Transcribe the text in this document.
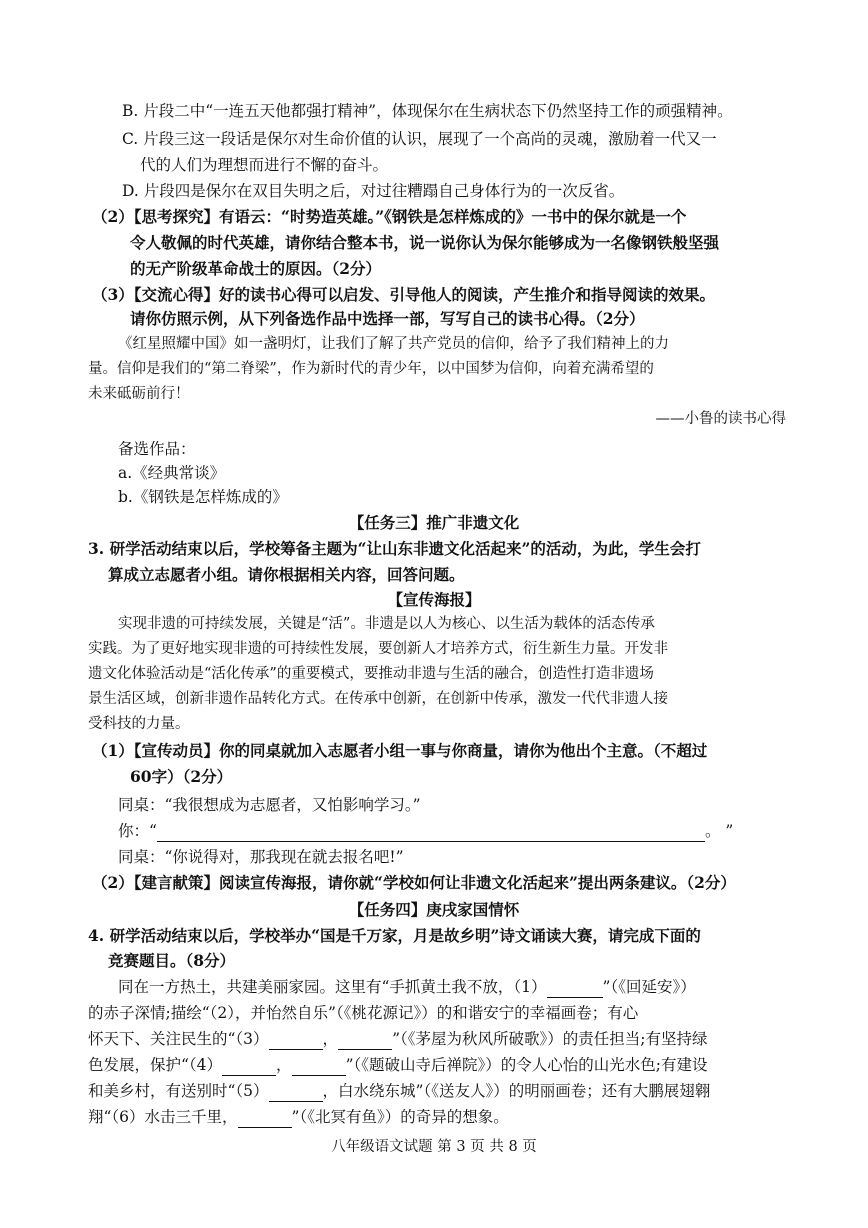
B. 片段二中“一连五天他都强打精神”，体现保尔在生病状态下仍然坚持工作的顽强精神。
C. 片段三这一段话是保尔对生命价值的认识，展现了一个高尚的灵魂，激励着一代又一
代的人们为理想而进行不懈的奋斗。
D. 片段四是保尔在双目失明之后，对过往糟蹋自己身体行为的一次反省。
（2）【思考探究】有语云：“时势造英雄。”《钢铁是怎样炼成的》一书中的保尔就是一个
令人敬佩的时代英雄，请你结合整本书，说一说你认为保尔能够成为一名像钢铁般坚强
的无产阶级革命战士的原因。（2分）
（3）【交流心得】好的读书心得可以启发、引导他人的阅读，产生推介和指导阅读的效果。
请你仿照示例，从下列备选作品中选择一部，写写自己的读书心得。（2分）
《红星照耀中国》如一盏明灯，让我们了解了共产党员的信仰，给予了我们精神上的力
量。信仰是我们的“第二脊梁”，作为新时代的青少年，以中国梦为信仰，向着充满希望的
未来砥砺前行！
——小鲁的读书心得
备选作品：
a.《经典常谈》
b.《钢铁是怎样炼成的》
【任务三】推广非遗文化
3. 研学活动结束以后，学校筹备主题为“让山东非遗文化活起来”的活动，为此，学生会打
算成立志愿者小组。请你根据相关内容，回答问题。
【宣传海报】
实现非遗的可持续发展，关键是“活”。非遗是以人为核心、以生活为载体的活态传承
实践。为了更好地实现非遗的可持续性发展，要创新人才培养方式，衍生新生力量。开发非
遗文化体验活动是“活化传承”的重要模式，要推动非遗与生活的融合，创造性打造非遗场
景生活区域，创新非遗作品转化方式。在传承中创新，在创新中传承，激发一代代非遗人接
受科技的力量。
（1）【宣传动员】你的同桌就加入志愿者小组一事与你商量，请你为他出个主意。（不超过
60字）（2分）
同桌：“我很想成为志愿者，又怕影响学习。”
你：“	。 ”
同桌：“你说得对，那我现在就去报名吧!”
（2）【建言献策】阅读宣传海报，请你就“学校如何让非遗文化活起来”提出两条建议。（2分）
【任务四】庚戌家国情怀
4. 研学活动结束以后，学校举办“国是千万家，月是故乡明”诗文诵读大赛，请完成下面的
竞赛题目。（8分）
同在一方热土，共建美丽家园。这里有“手抓黄土我不放，（1）	”（《回延安》）
的赤子深情;描绘“（2），并怡然自乐”（《桃花源记》）的和谐安宁的幸福画卷；有心
怀天下、关注民生的“（3）	，	”（《茅屋为秋风所破歌》）的责任担当;有坚持绿
色发展，保护“（4）	，	”（《题破山寺后禅院》）的令人心怡的山光水色;有建设
和美乡村，有送别时“（5）	，白水绕东城”（《送友人》）的明丽画卷；还有大鹏展翅翱
翔“（6）水击三千里，	”（《北冥有鱼》）的奇异的想象。
八年级语文试题 第 3 页 共 8 页
